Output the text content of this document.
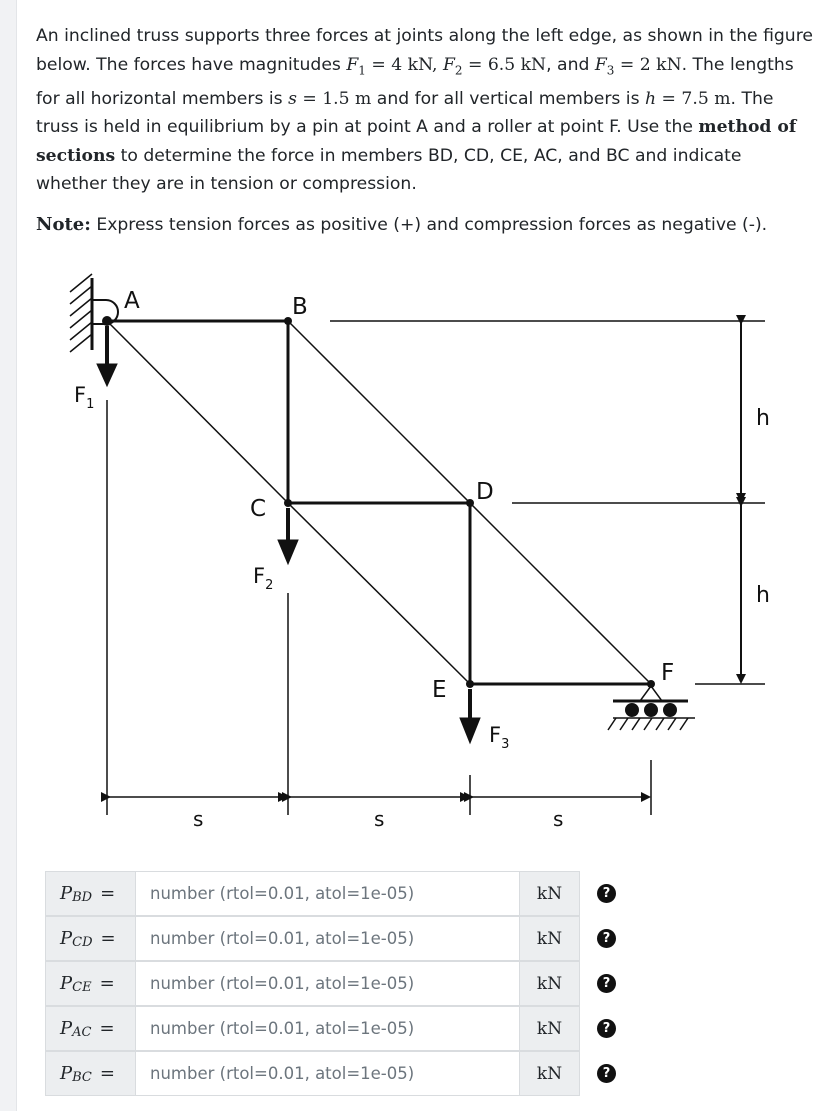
An inclined truss supports three forces at joints along the left edge, as shown in the figure below. The forces have magnitudes $F_1 = 4$ kN, $F_2 = 6.5$ kN, and $F_3 = 2$ kN. The lengths for all horizontal members is s = 1.5 m and for all vertical members is h = 7.5 m. The truss is held in equilibrium by a pin at point A and a roller at point F. Use the method of sections to determine the force in members BD, CD, CE, AC, and BC and indicate whether they are in tension or compression.

Note: Express tension forces as positive (+) and compression forces as negative (-).
s	s	s
h
h
A	B
C
D
E
F
$F_1$
$F_2$
$F_3$
P BD =	number (rtol=0.01, atol=1e-05)	kN	?
P CD =	number (rtol=0.01, atol=1e-05)	kN	?
P CE =	number (rtol=0.01, atol=1e-05)	kN	?
P AC =	number (rtol=0.01, atol=1e-05)	kN	?
P BC =	number (rtol=0.01, atol=1e-05)	kN	?
